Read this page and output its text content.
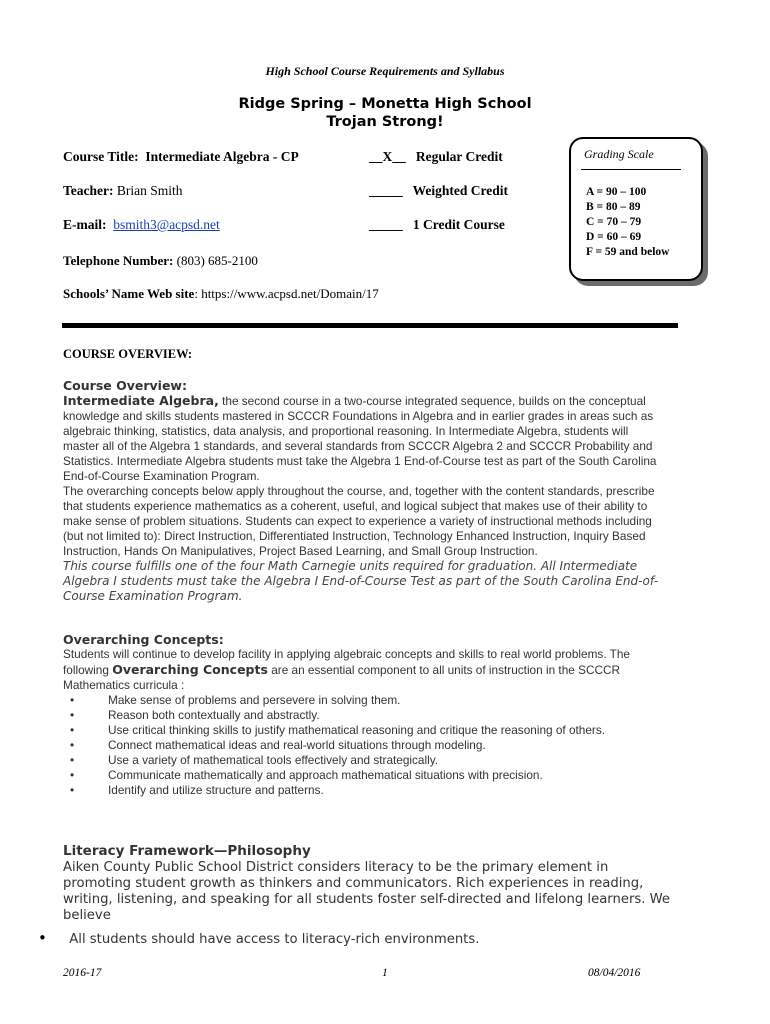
High School Course Requirements and Syllabus
Ridge Spring – Monetta High School
Trojan Strong!
Course Title: Intermediate Algebra - CP
Teacher: Brian Smith
E-mail: bsmith3@acpsd.net
Telephone Number: (803) 685-2100
Schools’ Name Web site: https://www.acpsd.net/Domain/17
__X__ Regular Credit
_____ Weighted Credit
_____ 1 Credit Course
Grading Scale
A = 90 – 100
B = 80 – 89
C = 70 – 79
D = 60 – 69
F = 59 and below
COURSE OVERVIEW:
Course Overview:
Intermediate Algebra, the second course in a two-course integrated sequence, builds on the conceptual
knowledge and skills students mastered in SCCCR Foundations in Algebra and in earlier grades in areas such as
algebraic thinking, statistics, data analysis, and proportional reasoning. In Intermediate Algebra, students will
master all of the Algebra 1 standards, and several standards from SCCCR Algebra 2 and SCCCR Probability and
Statistics. Intermediate Algebra students must take the Algebra 1 End-of-Course test as part of the South Carolina
End-of-Course Examination Program.
The overarching concepts below apply throughout the course, and, together with the content standards, prescribe
that students experience mathematics as a coherent, useful, and logical subject that makes use of their ability to
make sense of problem situations. Students can expect to experience a variety of instructional methods including
(but not limited to): Direct Instruction, Differentiated Instruction, Technology Enhanced Instruction, Inquiry Based
Instruction, Hands On Manipulatives, Project Based Learning, and Small Group Instruction.
This course fulfills one of the four Math Carnegie units required for graduation. All Intermediate
Algebra I students must take the Algebra I End-of-Course Test as part of the South Carolina End-of-
Course Examination Program.
Overarching Concepts:
Students will continue to develop facility in applying algebraic concepts and skills to real world problems. The
following Overarching Concepts are an essential component to all units of instruction in the SCCCR
Mathematics curricula :
•	Make sense of problems and persevere in solving them.
•	Reason both contextually and abstractly.
•	Use critical thinking skills to justify mathematical reasoning and critique the reasoning of others.
•	Connect mathematical ideas and real-world situations through modeling.
•	Use a variety of mathematical tools effectively and strategically.
•	Communicate mathematically and approach mathematical situations with precision.
•	Identify and utilize structure and patterns.
Literacy Framework—Philosophy
Aiken County Public School District considers literacy to be the primary element in
promoting student growth as thinkers and communicators. Rich experiences in reading,
writing, listening, and speaking for all students foster self-directed and lifelong learners. We
believe
• All students should have access to literacy-rich environments.
2016-17	1	08/04/2016
